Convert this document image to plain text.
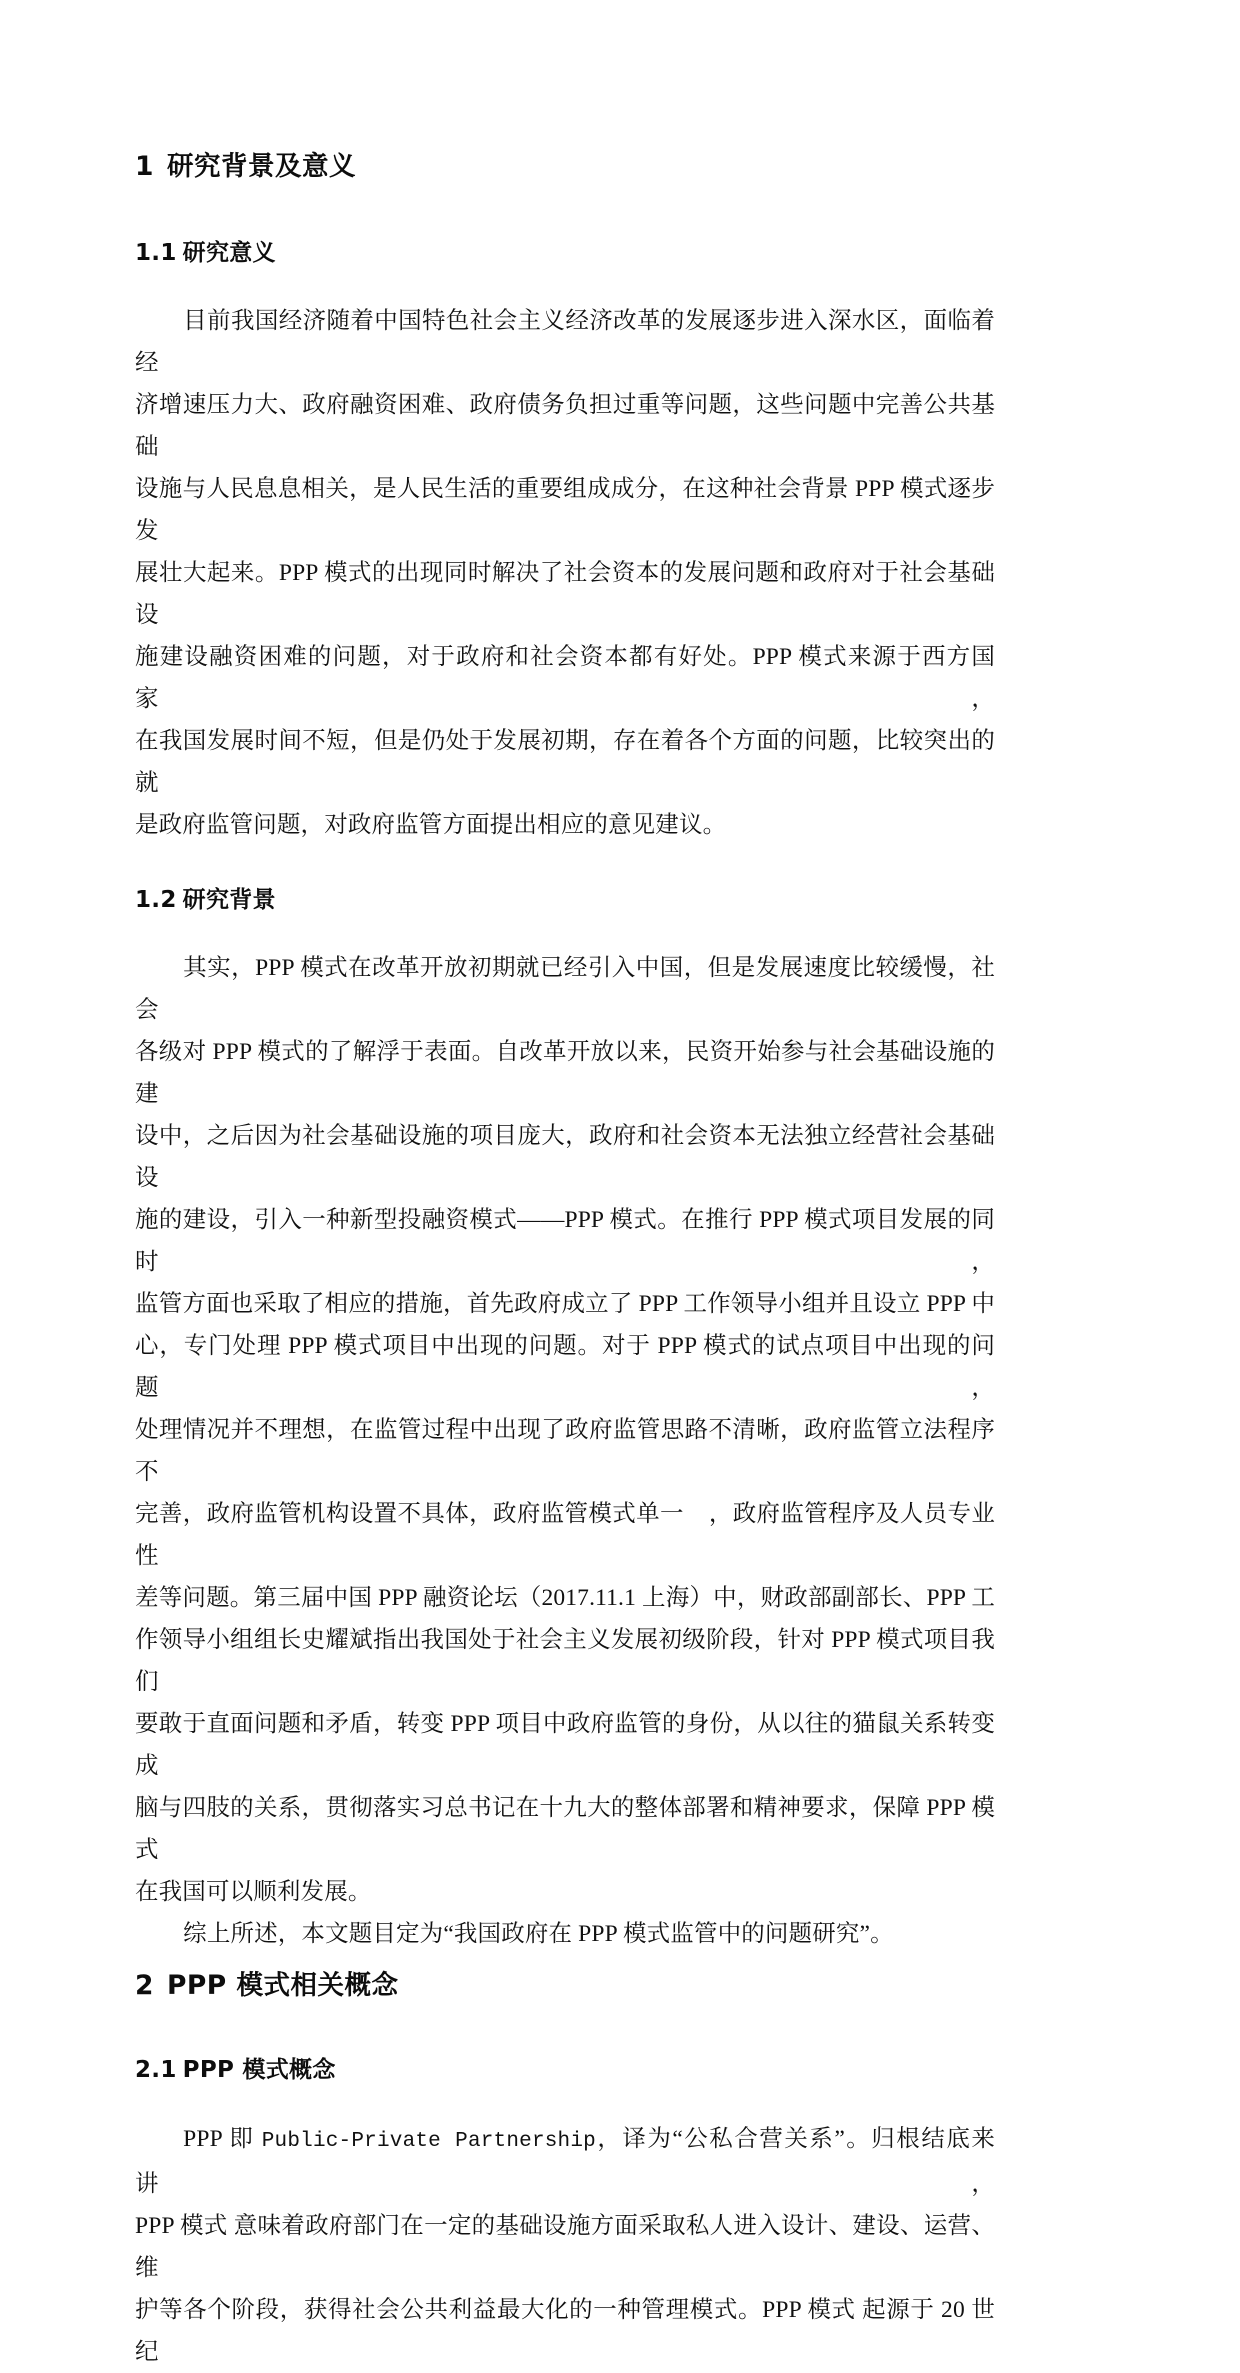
1 研究背景及意义
1.1 研究意义
目前我国经济随着中国特色社会主义经济改革的发展逐步进入深水区，面临着经
济增速压力大、政府融资困难、政府债务负担过重等问题，这些问题中完善公共基础
设施与人民息息相关，是人民生活的重要组成成分，在这种社会背景 PPP 模式逐步发
展壮大起来。PPP 模式的出现同时解决了社会资本的发展问题和政府对于社会基础设
施建设融资困难的问题，对于政府和社会资本都有好处。PPP 模式来源于西方国家，
在我国发展时间不短，但是仍处于发展初期，存在着各个方面的问题，比较突出的就
是政府监管问题，对政府监管方面提出相应的意见建议。
1.2 研究背景
其实，PPP 模式在改革开放初期就已经引入中国，但是发展速度比较缓慢，社会
各级对 PPP 模式的了解浮于表面。自改革开放以来，民资开始参与社会基础设施的建
设中，之后因为社会基础设施的项目庞大，政府和社会资本无法独立经营社会基础设
施的建设，引入一种新型投融资模式——PPP 模式。在推行 PPP 模式项目发展的同时，
监管方面也采取了相应的措施，首先政府成立了 PPP 工作领导小组并且设立 PPP 中
心，专门处理 PPP 模式项目中出现的问题。对于 PPP 模式的试点项目中出现的问题，
处理情况并不理想，在监管过程中出现了政府监管思路不清晰，政府监管立法程序不
完善，政府监管机构设置不具体，政府监管模式单一    ，政府监管程序及人员专业性
差等问题。第三届中国 PPP 融资论坛（2017.11.1 上海）中，财政部副部长、PPP 工
作领导小组组长史耀斌指出我国处于社会主义发展初级阶段，针对 PPP 模式项目我们
要敢于直面问题和矛盾，转变 PPP 项目中政府监管的身份，从以往的猫鼠关系转变成
脑与四肢的关系，贯彻落实习总书记在十九大的整体部署和精神要求，保障 PPP 模式
在我国可以顺利发展。
综上所述，本文题目定为“我国政府在 PPP 模式监管中的问题研究”。
2 PPP 模式相关概念
2.1 PPP 模式概念
PPP 即 Public-Private Partnership，译为“公私合营关系”。归根结底来讲，
PPP 模式 意味着政府部门在一定的基础设施方面采取私人进入设计、建设、运营、维
护等各个阶段，获得社会公共利益最大化的一种管理模式。PPP 模式 起源于 20 世纪
